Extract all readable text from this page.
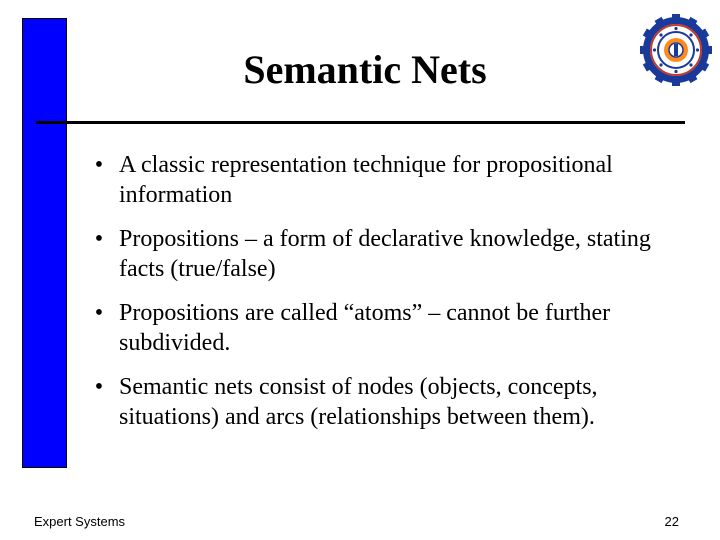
Semantic Nets
• A classic representation technique for propositional information
• Propositions – a form of declarative knowledge, stating facts (true/false)
• Propositions are called “atoms” – cannot be further subdivided.
• Semantic nets consist of nodes (objects, concepts, situations) and arcs (relationships between them).
Expert Systems	22
